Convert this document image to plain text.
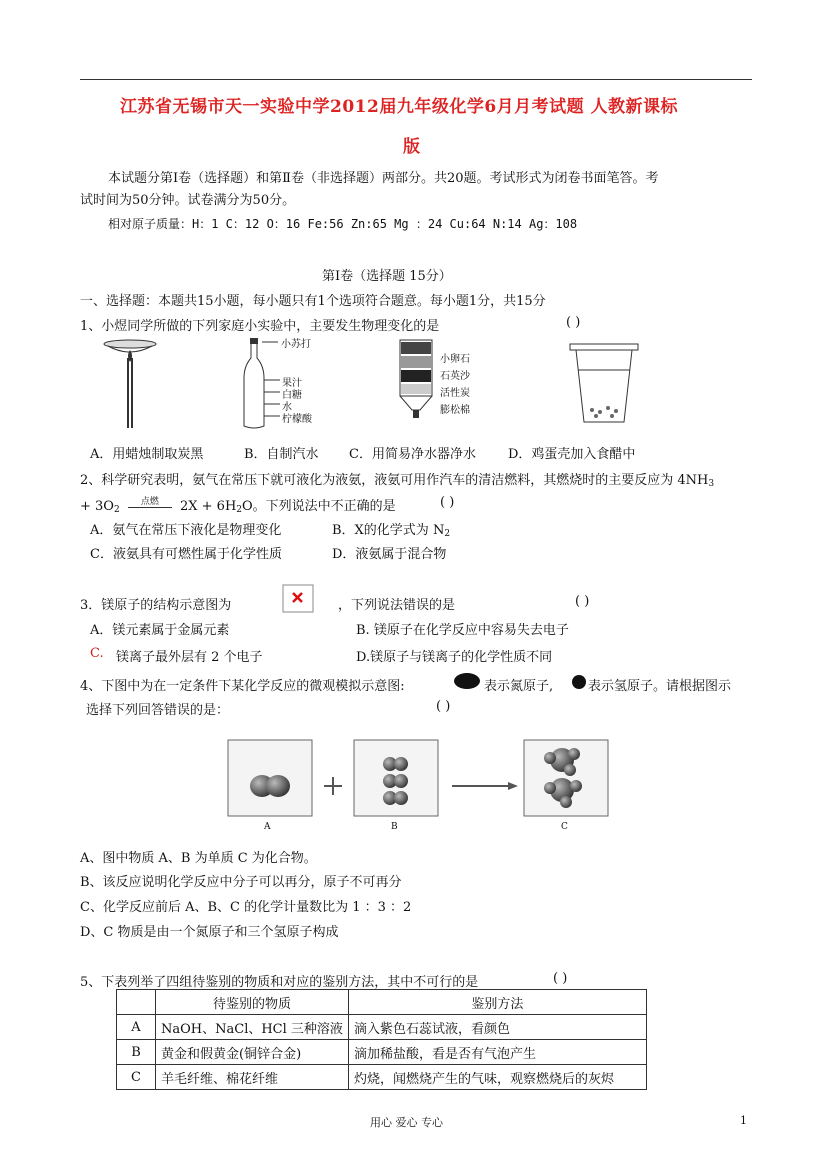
江苏省无锡市天一实验中学2012届九年级化学6月月考试题 人教新课标
版
本试题分第Ⅰ卷（选择题）和第Ⅱ卷（非选择题）两部分。共20题。考试形式为闭卷书面笔答。考
试时间为50分钟。试卷满分为50分。
相对原子质量：H：1 C：12 O：16 Fe:56 Zn:65 Mg ：24 Cu:64 N:14 Ag：108
第Ⅰ卷（选择题 15分）
一、选择题：本题共15小题，每小题只有1个选项符合题意。每小题1分，共15分
1、小煜同学所做的下列家庭小实验中，主要发生物理变化的是	( )
小苏打
果汁
白糖
水
柠檬酸
小卵石
石英沙
活性炭
膨松棉
A．用蜡烛制取炭黑	B．自制汽水 C．用简易净水器净水 D．鸡蛋壳加入食醋中
2、科学研究表明，氨气在常压下就可液化为液氨，液氨可用作汽车的清洁燃料，其燃烧时的主要反应为 $4NH_3$
+ $3O_2$ 点燃 $2X + 6H_2O$。下列说法中不正确的是	( )
A．氨气在常压下液化是物理变化	B．X的化学式为 $N_2$
C．液氨具有可燃性属于化学性质	D．液氨属于混合物
3．镁原子的结构示意图为	，下列说法错误的是	( )
A．镁元素属于金属元素	B. 镁原子在化学反应中容易失去电子
C. 镁离子最外层有 2 个电子	D.镁原子与镁离子的化学性质不同
4、下图中为在一定条件下某化学反应的微观模拟示意图:	表示氮原子,	表示氢原子。请根据图示
选择下列回答错误的是：	( )
A	B	C
A、图中物质 A、B 为单质 C 为化合物。
B、该反应说明化学反应中分子可以再分，原子不可再分
C、化学反应前后 A、B、C 的化学计量数比为 1 ：3 ：2
D、C 物质是由一个氮原子和三个氢原子构成
5、下表列举了四组待鉴别的物质和对应的鉴别方法，其中不可行的是	( )
	待鉴别的物质	鉴别方法
A	NaOH、NaCl、HCl 三种溶液	滴入紫色石蕊试液，看颜色
B	黄金和假黄金(铜锌合金)	滴加稀盐酸，看是否有气泡产生
C	羊毛纤维、棉花纤维	灼烧，闻燃烧产生的气味，观察燃烧后的灰烬
用心 爱心 专心	1
